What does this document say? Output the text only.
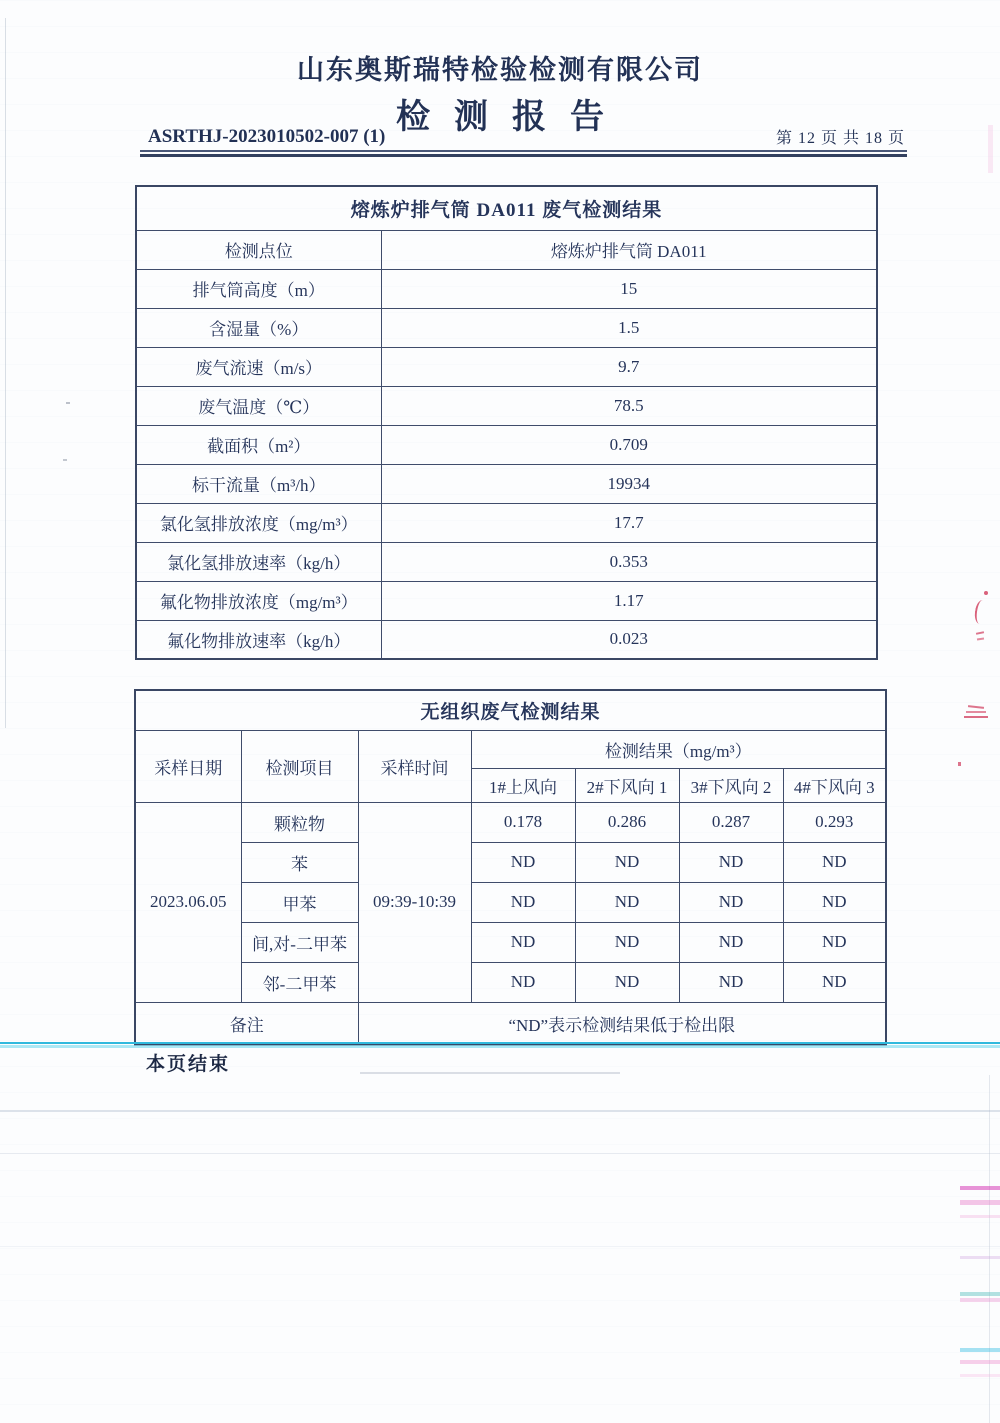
山东奥斯瑞特检验检测有限公司
检测报告
ASRTHJ-2023010502-007 (1)	第 12 页 共 18 页
熔炼炉排气筒 DA011 废气检测结果	
检测点位	熔炼炉排气筒 DA011
排气筒高度（m）	15
含湿量（%）	1.5
废气流速（m/s）	9.7
废气温度（℃）	78.5
截面积（m²）	0.709
标干流量（m³/h）	19934
氯化氢排放浓度（mg/m³）	17.7
氯化氢排放速率（kg/h）	0.353
氟化物排放浓度（mg/m³）	1.17
氟化物排放速率（kg/h）	0.023
无组织废气检测结果						
采样日期	检测项目	采样时间	检测结果（mg/m³）			
			1#上风向	2#下风向 1	3#下风向 2	4#下风向 3
2023.06.05	颗粒物	09:39-10:39	0.178	0.286	0.287	0.293
	苯		ND	ND	ND	ND
	甲苯		ND	ND	ND	ND
	间,对-二甲苯		ND	ND	ND	ND
	邻-二甲苯		ND	ND	ND	ND
备注		“ND”表示检测结果低于检出限				
本页结束
